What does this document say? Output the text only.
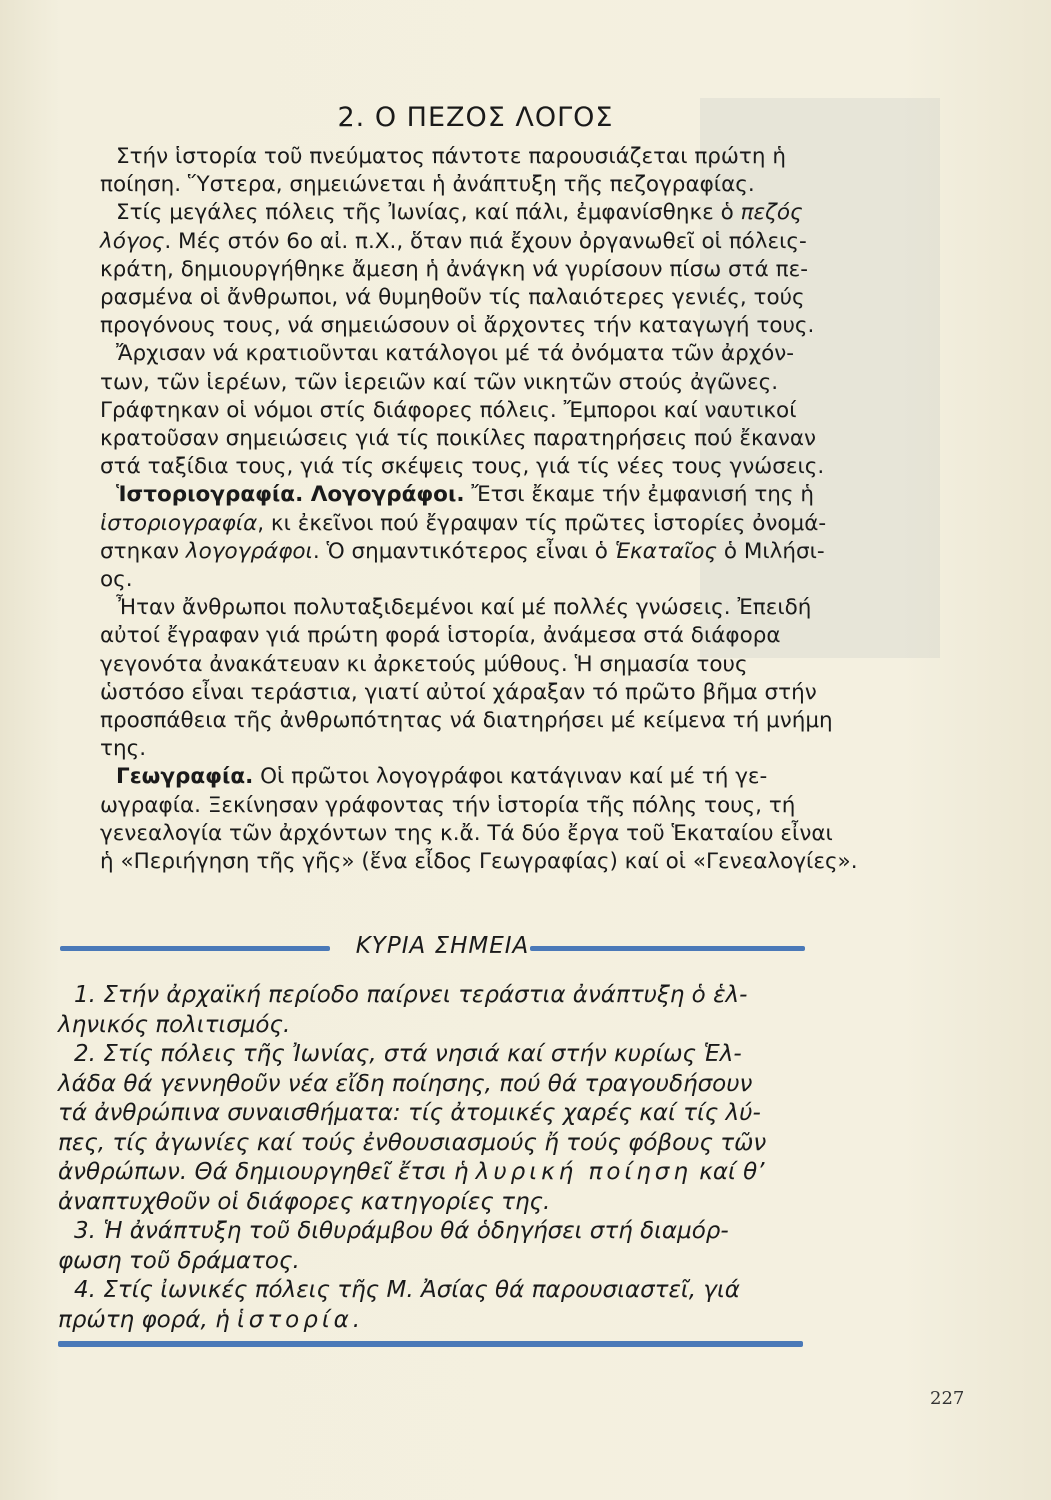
2. Ο ΠΕΖΟΣ ΛΟΓΟΣ
Στήν ἱστορία τοῦ πνεύματος πάντοτε παρουσιάζεται πρώτη ἡ
ποίηση. Ὕστερα, σημειώνεται ἡ ἀνάπτυξη τῆς πεζογραφίας.
Στίς μεγάλες πόλεις τῆς Ἰωνίας, καί πάλι, ἐμφανίσθηκε ὁ πεζός
λόγος. Μές στόν 6ο αἰ. π.Χ., ὅταν πιά ἔχουν ὀργανωθεῖ οἱ πόλεις-
κράτη, δημιουργήθηκε ἄμεση ἡ ἀνάγκη νά γυρίσουν πίσω στά πε-
ρασμένα οἱ ἄνθρωποι, νά θυμηθοῦν τίς παλαιότερες γενιές, τούς
προγόνους τους, νά σημειώσουν οἱ ἄρχοντες τήν καταγωγή τους.
Ἄρχισαν νά κρατιοῦνται κατάλογοι μέ τά ὀνόματα τῶν ἀρχόν-
των, τῶν ἱερέων, τῶν ἱερειῶν καί τῶν νικητῶν στούς ἀγῶνες.
Γράφτηκαν οἱ νόμοι στίς διάφορες πόλεις. Ἔμποροι καί ναυτικοί
κρατοῦσαν σημειώσεις γιά τίς ποικίλες παρατηρήσεις πού ἔκαναν
στά ταξίδια τους, γιά τίς σκέψεις τους, γιά τίς νέες τους γνώσεις.
Ἱστοριογραφία. Λογογράφοι. Ἔτσι ἔκαμε τήν ἐμφανισή της ἡ
ἱστοριογραφία, κι ἐκεῖνοι πού ἔγραψαν τίς πρῶτες ἱστορίες ὀνομά-
στηκαν λογογράφοι. Ὁ σημαντικότερος εἶναι ὁ Ἑκαταῖος ὁ Μιλήσι-
ος.
Ἦταν ἄνθρωποι πολυταξιδεμένοι καί μέ πολλές γνώσεις. Ἐπειδή
αὐτοί ἔγραφαν γιά πρώτη φορά ἱστορία, ἀνάμεσα στά διάφορα
γεγονότα ἀνακάτευαν κι ἀρκετούς μύθους. Ἡ σημασία τους
ὡστόσο εἶναι τεράστια, γιατί αὐτοί χάραξαν τό πρῶτο βῆμα στήν
προσπάθεια τῆς ἀνθρωπότητας νά διατηρήσει μέ κείμενα τή μνήμη
της.
Γεωγραφία. Οἱ πρῶτοι λογογράφοι κατάγιναν καί μέ τή γε-
ωγραφία. Ξεκίνησαν γράφοντας τήν ἱστορία τῆς πόλης τους, τή
γενεαλογία τῶν ἀρχόντων της κ.ἄ. Τά δύο ἔργα τοῦ Ἑκαταίου εἶναι
ἡ «Περιήγηση τῆς γῆς» (ἕνα εἶδος Γεωγραφίας) καί οἱ «Γενεαλογίες».
ΚΥΡΙΑ ΣΗΜΕΙΑ
1. Στήν ἀρχαϊκή περίοδο παίρνει τεράστια ἀνάπτυξη ὁ ἑλ-
ληνικός πολιτισμός.
2. Στίς πόλεις τῆς Ἰωνίας, στά νησιά καί στήν κυρίως Ἑλ-
λάδα θά γεννηθοῦν νέα εἴδη ποίησης, πού θά τραγουδήσουν
τά ἀνθρώπινα συναισθήματα: τίς ἀτομικές χαρές καί τίς λύ-
πες, τίς ἀγωνίες καί τούς ἐνθουσιασμούς ἤ τούς φόβους τῶν
ἀνθρώπων. Θά δημιουργηθεῖ ἔτσι ἡ λυρική ποίηση καί θ’
ἀναπτυχθοῦν οἱ διάφορες κατηγορίες της.
3. Ἡ ἀνάπτυξη τοῦ διθυράμβου θά ὁδηγήσει στή διαμόρ-
φωση τοῦ δράματος.
4. Στίς ἰωνικές πόλεις τῆς Μ. Ἀσίας θά παρουσιαστεῖ, γιά
πρώτη φορά, ἡ ἱστορία.
227
